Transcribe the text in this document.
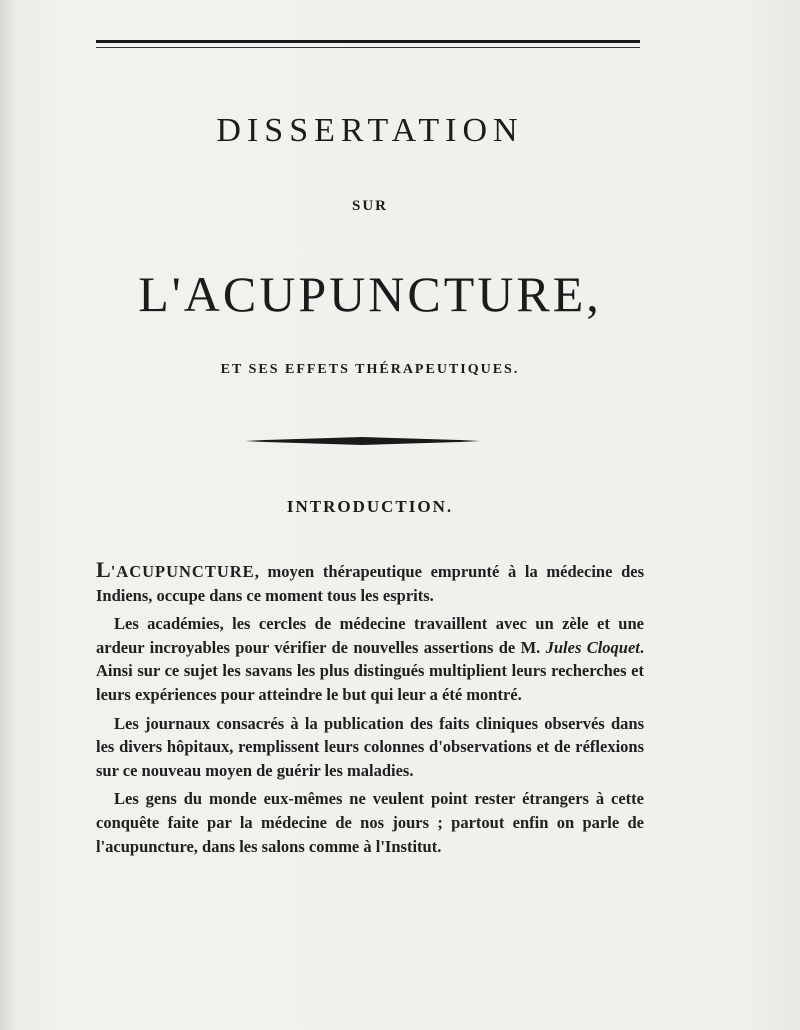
DISSERTATION
SUR
L'ACUPUNCTURE,
ET SES EFFETS THÉRAPEUTIQUES.
INTRODUCTION.

L'ACUPUNCTURE, moyen thérapeutique emprunté à la médecine des Indiens, occupe dans ce moment tous les esprits.

Les académies, les cercles de médecine travaillent avec un zèle et une ardeur incroyables pour vérifier de nouvelles assertions de M. Jules Cloquet. Ainsi sur ce sujet les savans les plus distingués multiplient leurs recherches et leurs expériences pour atteindre le but qui leur a été montré.

Les journaux consacrés à la publication des faits cliniques observés dans les divers hôpitaux, remplissent leurs colonnes d'observations et de réflexions sur ce nouveau moyen de guérir les maladies.

Les gens du monde eux-mêmes ne veulent point rester étrangers à cette conquête faite par la médecine de nos jours ; partout enfin on parle de l'acupuncture, dans les salons comme à l'Institut.
